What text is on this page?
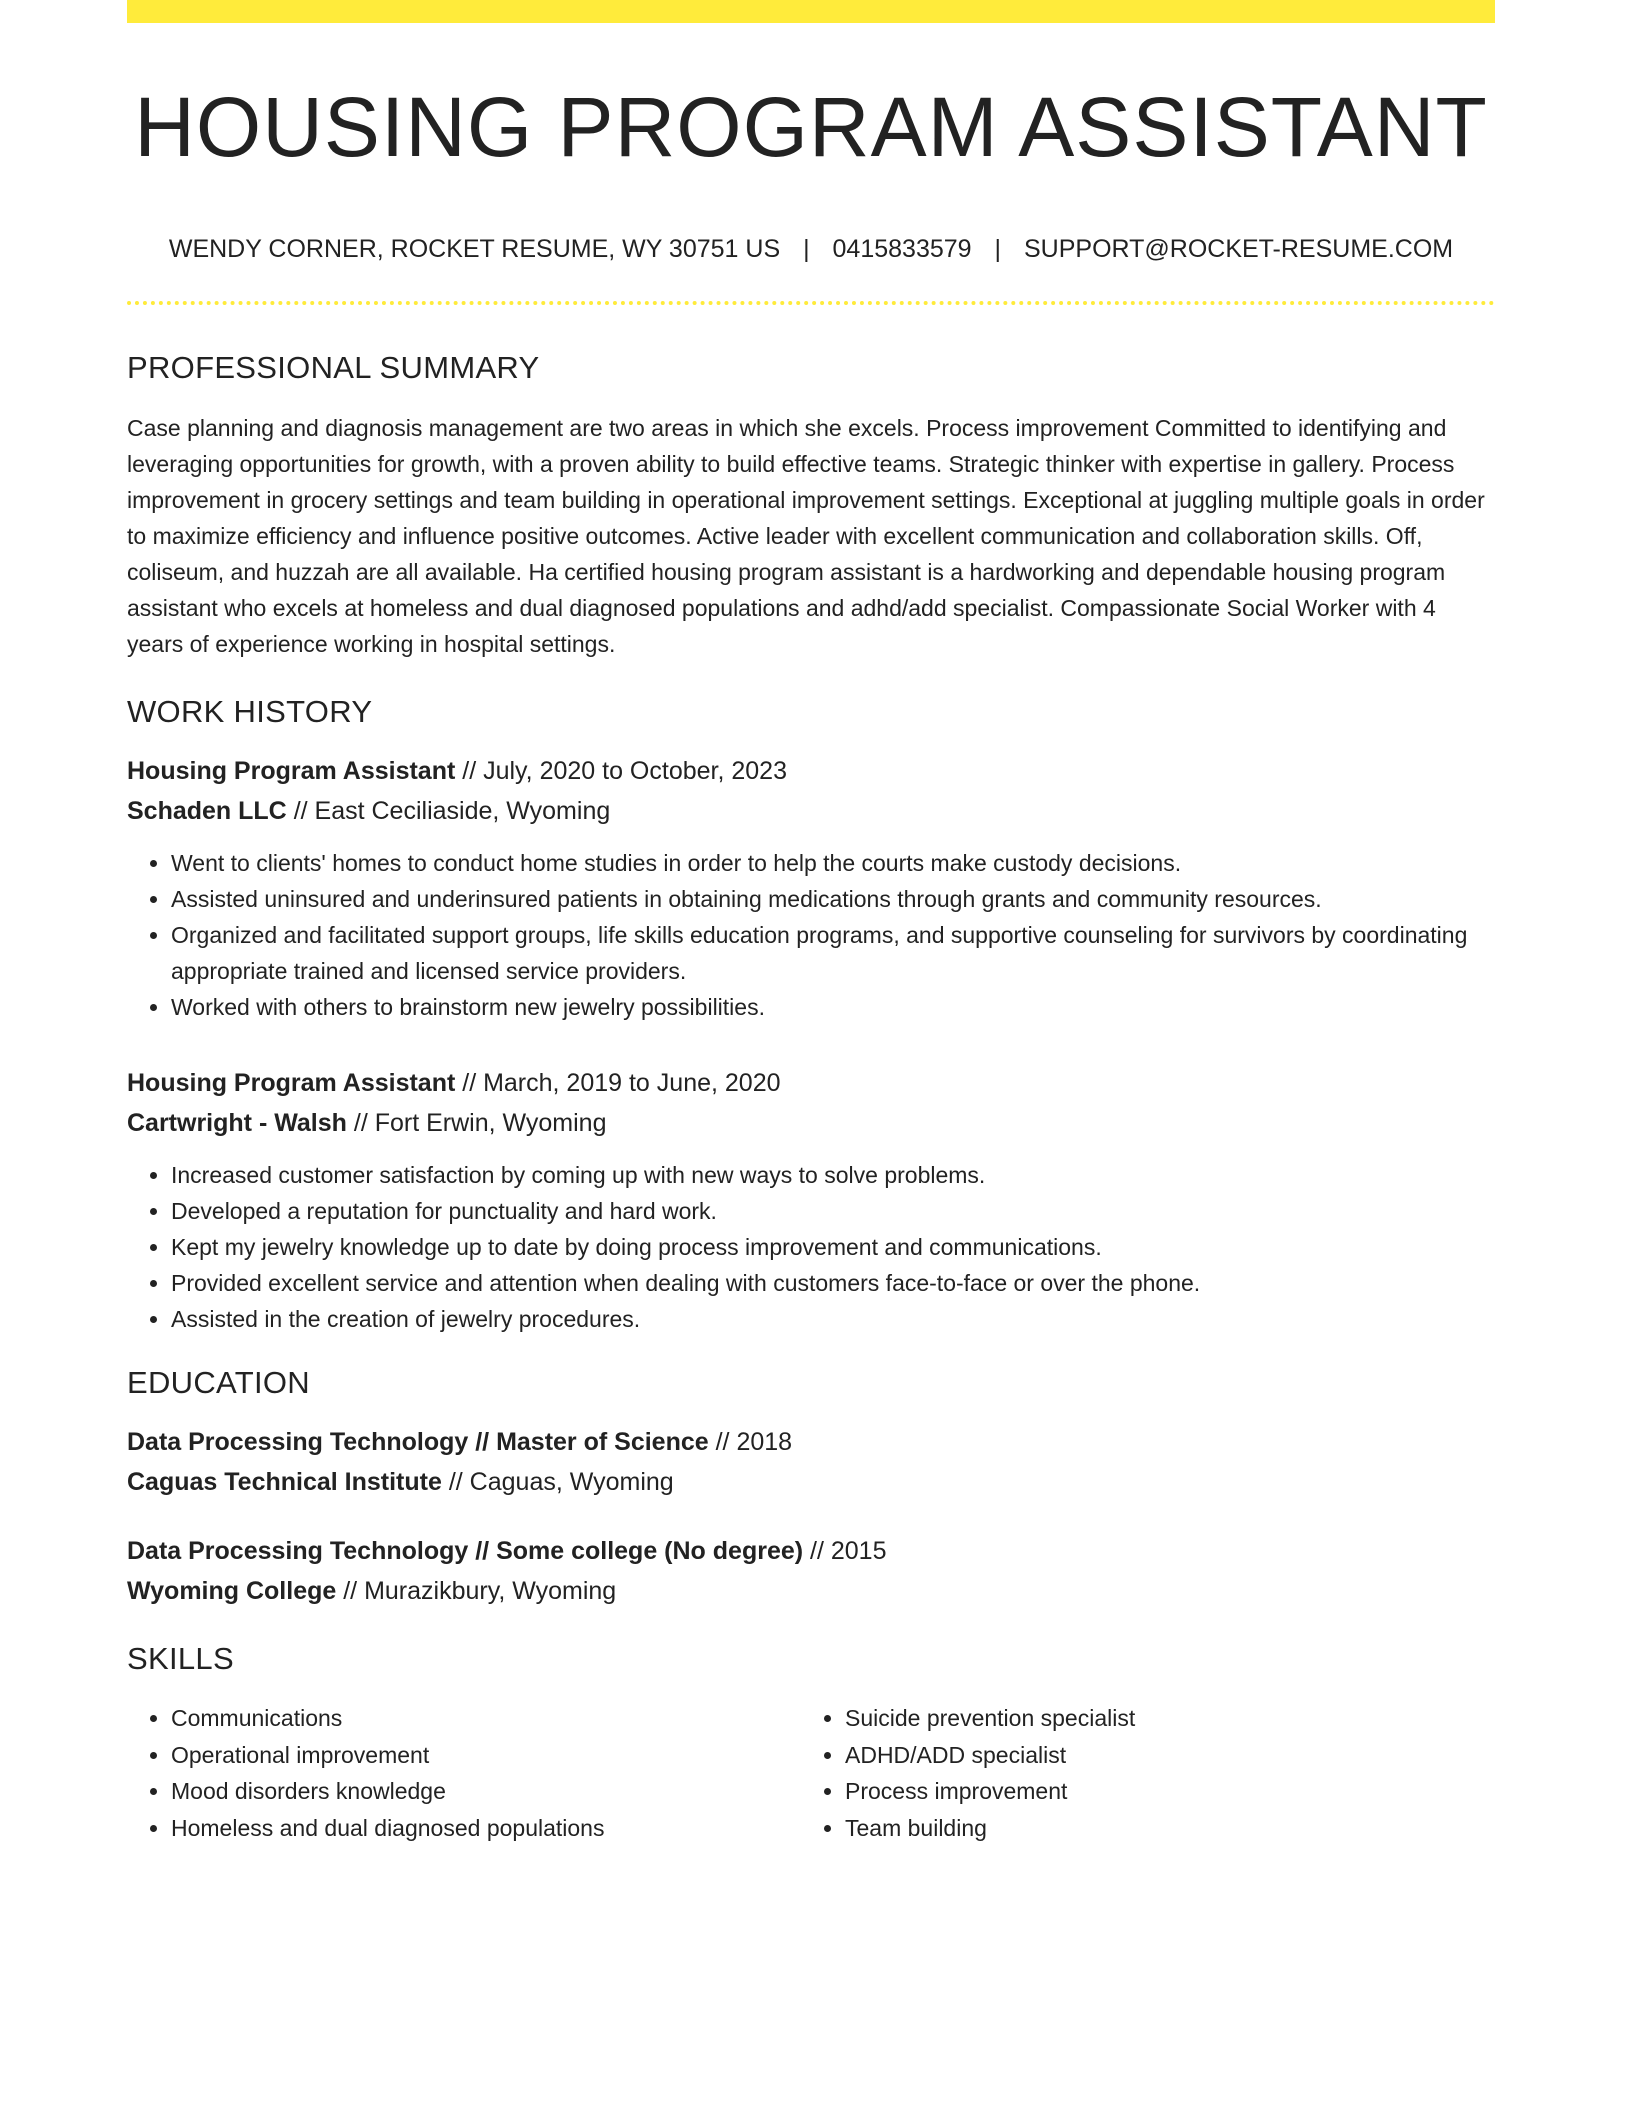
HOUSING PROGRAM ASSISTANT
WENDY CORNER, ROCKET RESUME, WY 30751 US | 0415833579 | SUPPORT@ROCKET-RESUME.COM
PROFESSIONAL SUMMARY
Case planning and diagnosis management are two areas in which she excels. Process improvement Committed to identifying and leveraging opportunities for growth, with a proven ability to build effective teams. Strategic thinker with expertise in gallery. Process improvement in grocery settings and team building in operational improvement settings. Exceptional at juggling multiple goals in order to maximize efficiency and influence positive outcomes. Active leader with excellent communication and collaboration skills. Off, coliseum, and huzzah are all available. Ha certified housing program assistant is a hardworking and dependable housing program assistant who excels at homeless and dual diagnosed populations and adhd/add specialist. Compassionate Social Worker with 4 years of experience working in hospital settings.
WORK HISTORY
Housing Program Assistant // July, 2020 to October, 2023
Schaden LLC // East Ceciliaside, Wyoming
• Went to clients' homes to conduct home studies in order to help the courts make custody decisions.
• Assisted uninsured and underinsured patients in obtaining medications through grants and community resources.
• Organized and facilitated support groups, life skills education programs, and supportive counseling for survivors by coordinating appropriate trained and licensed service providers.
• Worked with others to brainstorm new jewelry possibilities.
Housing Program Assistant // March, 2019 to June, 2020
Cartwright - Walsh // Fort Erwin, Wyoming
• Increased customer satisfaction by coming up with new ways to solve problems.
• Developed a reputation for punctuality and hard work.
• Kept my jewelry knowledge up to date by doing process improvement and communications.
• Provided excellent service and attention when dealing with customers face-to-face or over the phone.
• Assisted in the creation of jewelry procedures.
EDUCATION
Data Processing Technology // Master of Science // 2018
Caguas Technical Institute // Caguas, Wyoming
Data Processing Technology // Some college (No degree) // 2015
Wyoming College // Murazikbury, Wyoming
SKILLS
• Communications
• Operational improvement
• Mood disorders knowledge
• Homeless and dual diagnosed populations
• Suicide prevention specialist
• ADHD/ADD specialist
• Process improvement
• Team building
